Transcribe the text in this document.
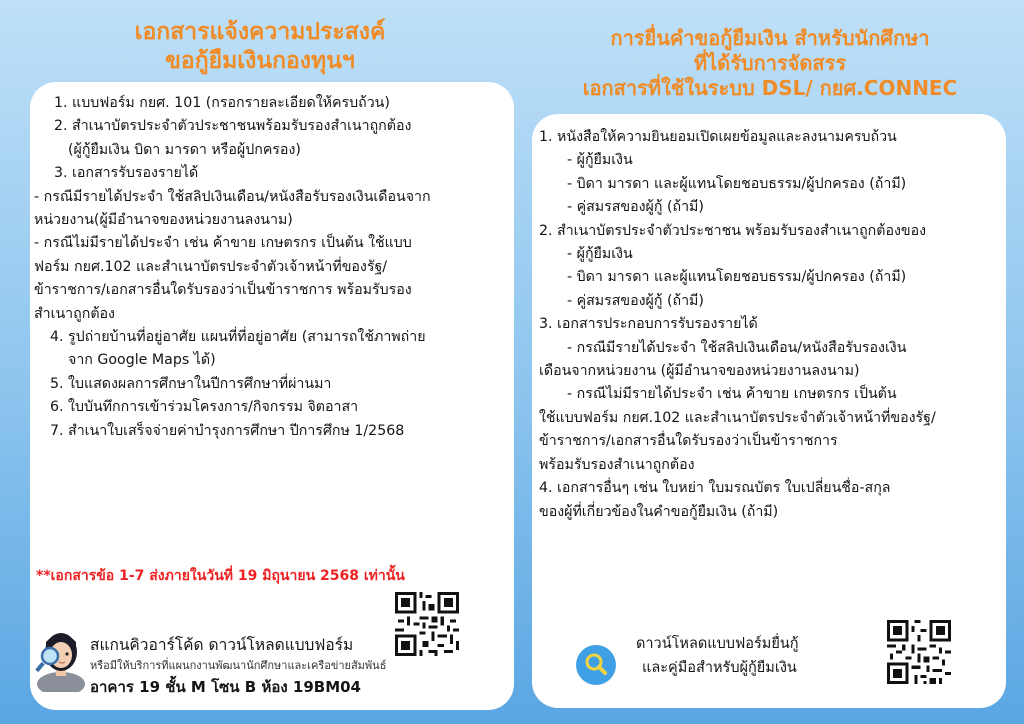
เอกสารแจ้งความประสงค์
ขอกู้ยืมเงินกองทุนฯ
การยื่นคำขอกู้ยืมเงิน สำหรับนักศึกษา
ที่ได้รับการจัดสรร
เอกสารที่ใช้ในระบบ DSL/ กยศ.CONNEC
1. แบบฟอร์ม กยศ. 101 (กรอกรายละเอียดให้ครบถ้วน)
2. สำเนาบัตรประจำตัวประชาชนพร้อมรับรองสำเนาถูกต้อง
(ผู้กู้ยืมเงิน บิดา มารดา หรือผู้ปกครอง)
3. เอกสารรับรองรายได้
- กรณีมีรายได้ประจำ ใช้สลิปเงินเดือน/หนังสือรับรองเงินเดือนจาก
หน่วยงาน(ผู้มีอำนาจของหน่วยงานลงนาม)
- กรณีไม่มีรายได้ประจำ เช่น ค้าขาย เกษตรกร เป็นต้น ใช้แบบ
ฟอร์ม กยศ.102 และสำเนาบัตรประจำตัวเจ้าหน้าที่ของรัฐ/
ข้าราชการ/เอกสารอื่นใดรับรองว่าเป็นข้าราชการ พร้อมรับรอง
สำเนาถูกต้อง
4. รูปถ่ายบ้านที่อยู่อาศัย แผนที่ที่อยู่อาศัย (สามารถใช้ภาพถ่าย
จาก Google Maps ได้)
5. ใบแสดงผลการศึกษาในปีการศึกษาที่ผ่านมา
6. ใบบันทึกการเข้าร่วมโครงการ/กิจกรรม จิตอาสา
7. สำเนาใบเสร็จจ่ายค่าบำรุงการศึกษา ปีการศึกษ 1/2568
**เอกสารข้อ 1-7 ส่งภายในวันที่ 19 มิถุนายน 2568 เท่านั้น
1. หนังสือให้ความยินยอมเปิดเผยข้อมูลและลงนามครบถ้วน
- ผู้กู้ยืมเงิน
- บิดา มารดา และผู้แทนโดยชอบธรรม/ผู้ปกครอง (ถ้ามี)
- คู่สมรสของผู้กู้ (ถ้ามี)
2. สำเนาบัตรประจำตัวประชาชน พร้อมรับรองสำเนาถูกต้องของ
- ผู้กู้ยืมเงิน
- บิดา มารดา และผู้แทนโดยชอบธรรม/ผู้ปกครอง (ถ้ามี)
- คู่สมรสของผู้กู้ (ถ้ามี)
3. เอกสารประกอบการรับรองรายได้
- กรณีมีรายได้ประจำ ใช้สลิปเงินเดือน/หนังสือรับรองเงิน
เดือนจากหน่วยงาน (ผู้มีอำนาจของหน่วยงานลงนาม)
- กรณีไม่มีรายได้ประจำ เช่น ค้าขาย เกษตรกร เป็นต้น
ใช้แบบฟอร์ม กยศ.102 และสำเนาบัตรประจำตัวเจ้าหน้าที่ของรัฐ/
ข้าราชการ/เอกสารอื่นใดรับรองว่าเป็นข้าราชการ
พร้อมรับรองสำเนาถูกต้อง
4. เอกสารอื่นๆ เช่น ใบหย่า ใบมรณบัตร ใบเปลี่ยนชื่อ-สกุล
ของผู้ที่เกี่ยวข้องในคำขอกู้ยืมเงิน (ถ้ามี)
สแกนคิวอาร์โค้ด ดาวน์โหลดแบบฟอร์ม
หรือมีให้บริการที่แผนกงานพัฒนานักศึกษาและเครือข่ายสัมพันธ์
อาคาร 19 ชั้น M โซน B ห้อง 19BM04
ดาวน์โหลดแบบฟอร์มยื่นกู้
และคู่มือสำหรับผู้กู้ยืมเงิน
